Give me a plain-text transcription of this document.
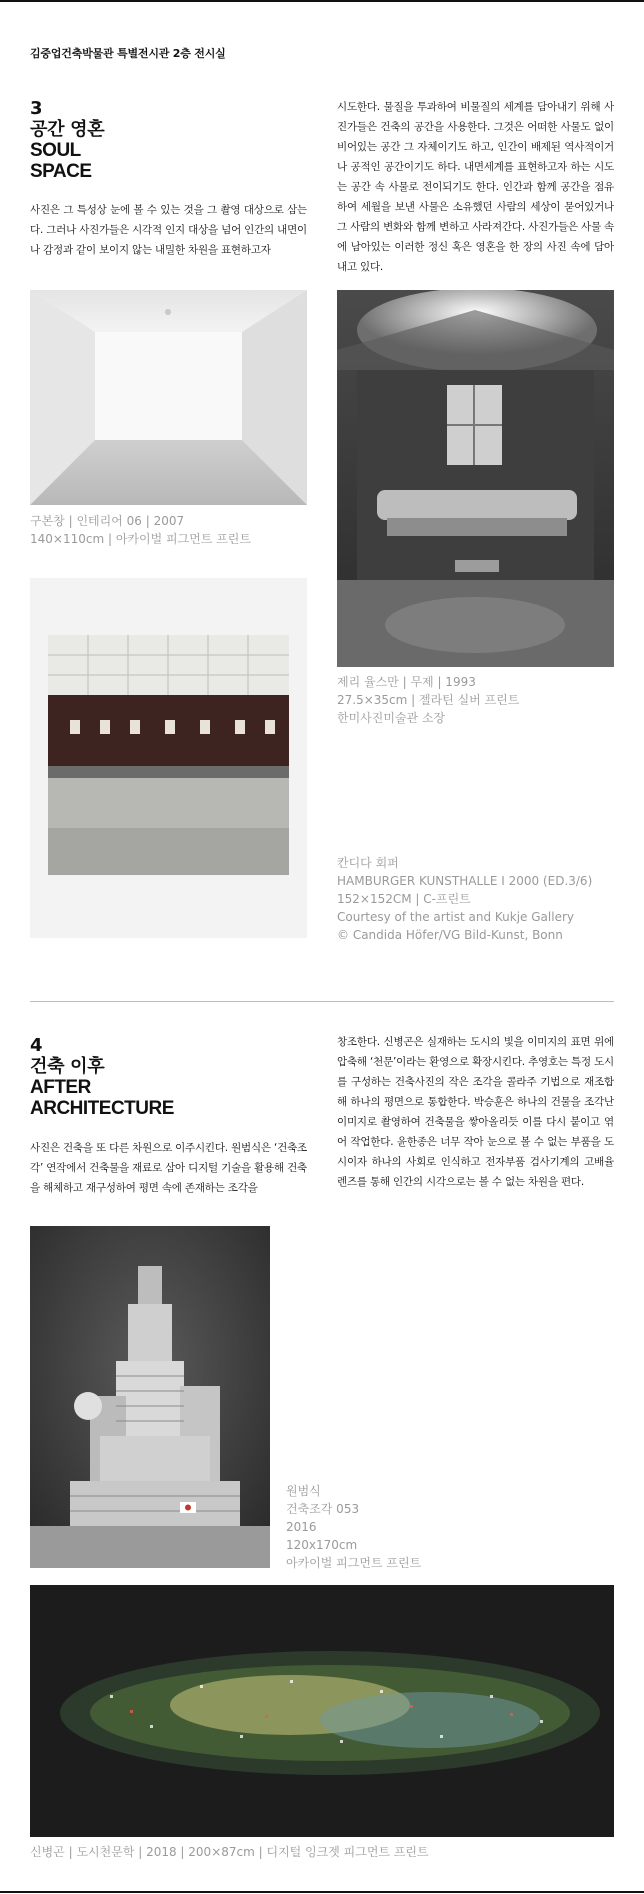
김중업건축박물관 특별전시관 2층 전시실
3
공간 영혼
SOUL
SPACE
사진은 그 특성상 눈에 볼 수 있는 것을 그 촬영 대상으로 삼는다. 그러나 사진가들은 시각적 인지 대상을 넘어 인간의 내면이나 감정과 같이 보이지 않는 내밀한 차원을 표현하고자
시도한다. 물질을 투과하여 비물질의 세계를 담아내기 위해 사진가들은 건축의 공간을 사용한다. 그것은 어떠한 사물도 없이 비어있는 공간 그 자체이기도 하고, 인간이 배제된 역사적이거나 공적인 공간이기도 하다. 내면세계를 표현하고자 하는 시도는 공간 속 사물로 전이되기도 한다. 인간과 함께 공간을 점유하여 세월을 보낸 사물은 소유했던 사람의 세상이 묻어있거나 그 사람의 변화와 함께 변하고 사라져간다. 사진가들은 사물 속에 남아있는 이러한 정신 혹은 영혼을 한 장의 사진 속에 담아내고 있다.
구본창 | 인테리어 06 | 2007
140×110cm | 아카이벌 피그먼트 프린트
제리 율스만 | 무제 | 1993
27.5×35cm | 젤라틴 실버 프린트
한미사진미술관 소장
칸디다 회퍼
HAMBURGER KUNSTHALLE Ⅰ 2000 (ED.3/6)
152×152CM | C-프린트
Courtesy of the artist and Kukje Gallery
© Candida Höfer/VG Bild-Kunst, Bonn
4
건축 이후
AFTER
ARCHITECTURE
사진은 건축을 또 다른 차원으로 이주시킨다. 원범식은 ‘건축조각’ 연작에서 건축물을 재료로 삼아 디지털 기술을 활용해 건축을 해체하고 재구성하여 평면 속에 존재하는 조각을
창조한다. 신병곤은 실재하는 도시의 빛을 이미지의 표면 위에 압축해 ‘천문’이라는 환영으로 확장시킨다. 추영호는 특정 도시를 구성하는 건축사진의 작은 조각을 콜라주 기법으로 재조합해 하나의 평면으로 통합한다. 박승훈은 하나의 건물을 조각난 이미지로 촬영하여 건축물을 쌓아올리듯 이를 다시 붙이고 엮어 작업한다. 윤한종은 너무 작아 눈으로 볼 수 없는 부품을 도시이자 하나의 사회로 인식하고 전자부품 검사기계의 고배율 렌즈를 통해 인간의 시각으로는 볼 수 없는 차원을 편다.
원범식
건축조각 053
2016
120x170cm
아카이벌 피그먼트 프린트
신병곤 | 도시천문학 | 2018 | 200×87cm | 디지털 잉크젯 피그먼트 프린트
